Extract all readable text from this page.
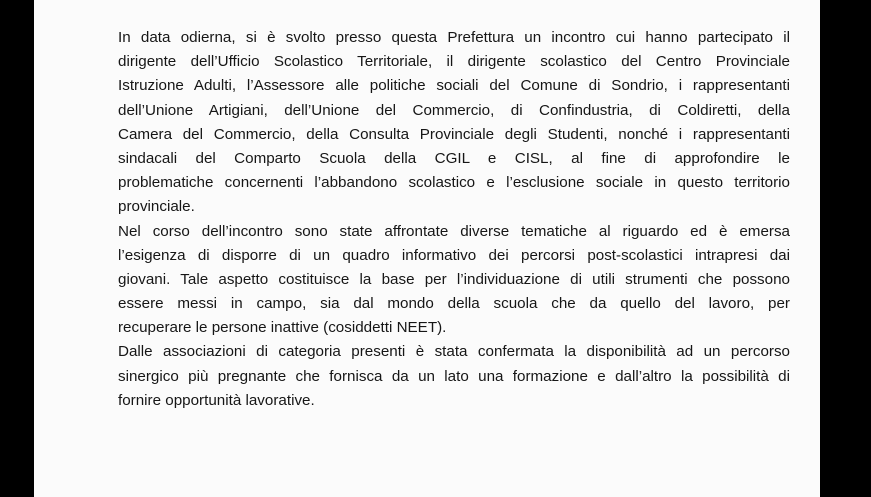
In data odierna, si è svolto presso questa Prefettura un incontro cui hanno partecipato il
dirigente dell’Ufficio Scolastico Territoriale, il dirigente scolastico del Centro Provinciale
Istruzione Adulti, l’Assessore alle politiche sociali del Comune di Sondrio, i rappresentanti
dell’Unione Artigiani, dell’Unione del Commercio, di Confindustria, di Coldiretti, della
Camera del Commercio, della Consulta Provinciale degli Studenti, nonché i rappresentanti
sindacali del Comparto Scuola della CGIL e CISL, al fine di approfondire le
problematiche concernenti l’abbandono scolastico e l’esclusione sociale in questo territorio
provinciale.
Nel corso dell’incontro sono state affrontate diverse tematiche al riguardo ed è emersa
l’esigenza di disporre di un quadro informativo dei percorsi post-scolastici intrapresi dai
giovani. Tale aspetto costituisce la base per l’individuazione di utili strumenti che possono
essere messi in campo, sia dal mondo della scuola che da quello del lavoro, per
recuperare le persone inattive (cosiddetti NEET).
Dalle associazioni di categoria presenti è stata confermata la disponibilità ad un percorso
sinergico più pregnante che fornisca da un lato una formazione e dall’altro la possibilità di
fornire opportunità lavorative.
